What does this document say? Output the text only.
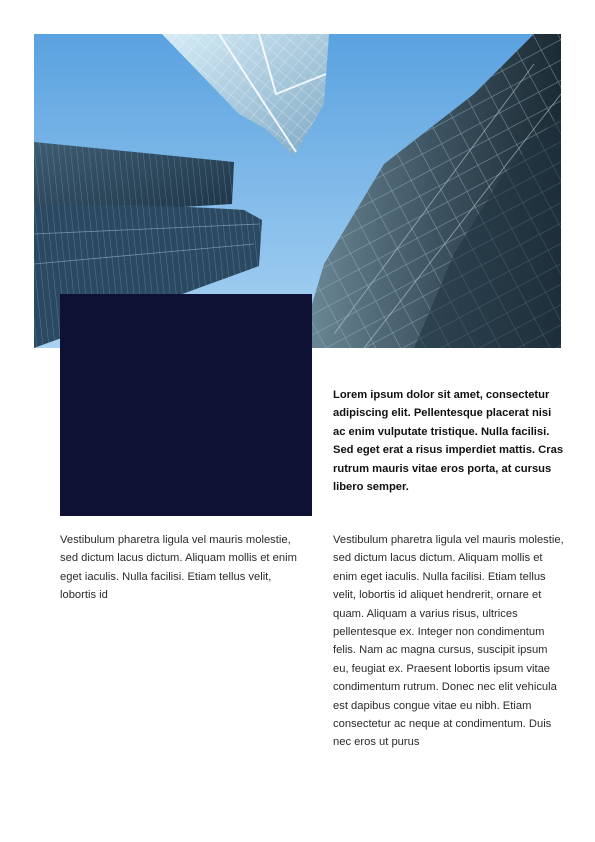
Lorem ipsum dolor sit amet, consectetur adipiscing elit. Pellentesque placerat nisi ac enim vulputate tristique. Nulla facilisi. Sed eget erat a risus imperdiet mattis. Cras rutrum mauris vitae eros porta, at cursus libero semper.

Vestibulum pharetra ligula vel mauris molestie, sed dictum lacus dictum. Aliquam mollis et enim eget iaculis. Nulla facilisi. Etiam tellus velit, lobortis id

Vestibulum pharetra ligula vel mauris molestie, sed dictum lacus dictum. Aliquam mollis et enim eget iaculis. Nulla facilisi. Etiam tellus velit, lobortis id aliquet hendrerit, ornare et quam. Aliquam a varius risus, ultrices pellentesque ex. Integer non condimentum felis. Nam ac magna cursus, suscipit ipsum eu, feugiat ex. Praesent lobortis ipsum vitae condimentum rutrum. Donec nec elit vehicula est dapibus congue vitae eu nibh. Etiam consectetur ac neque at condimentum. Duis nec eros ut purus
